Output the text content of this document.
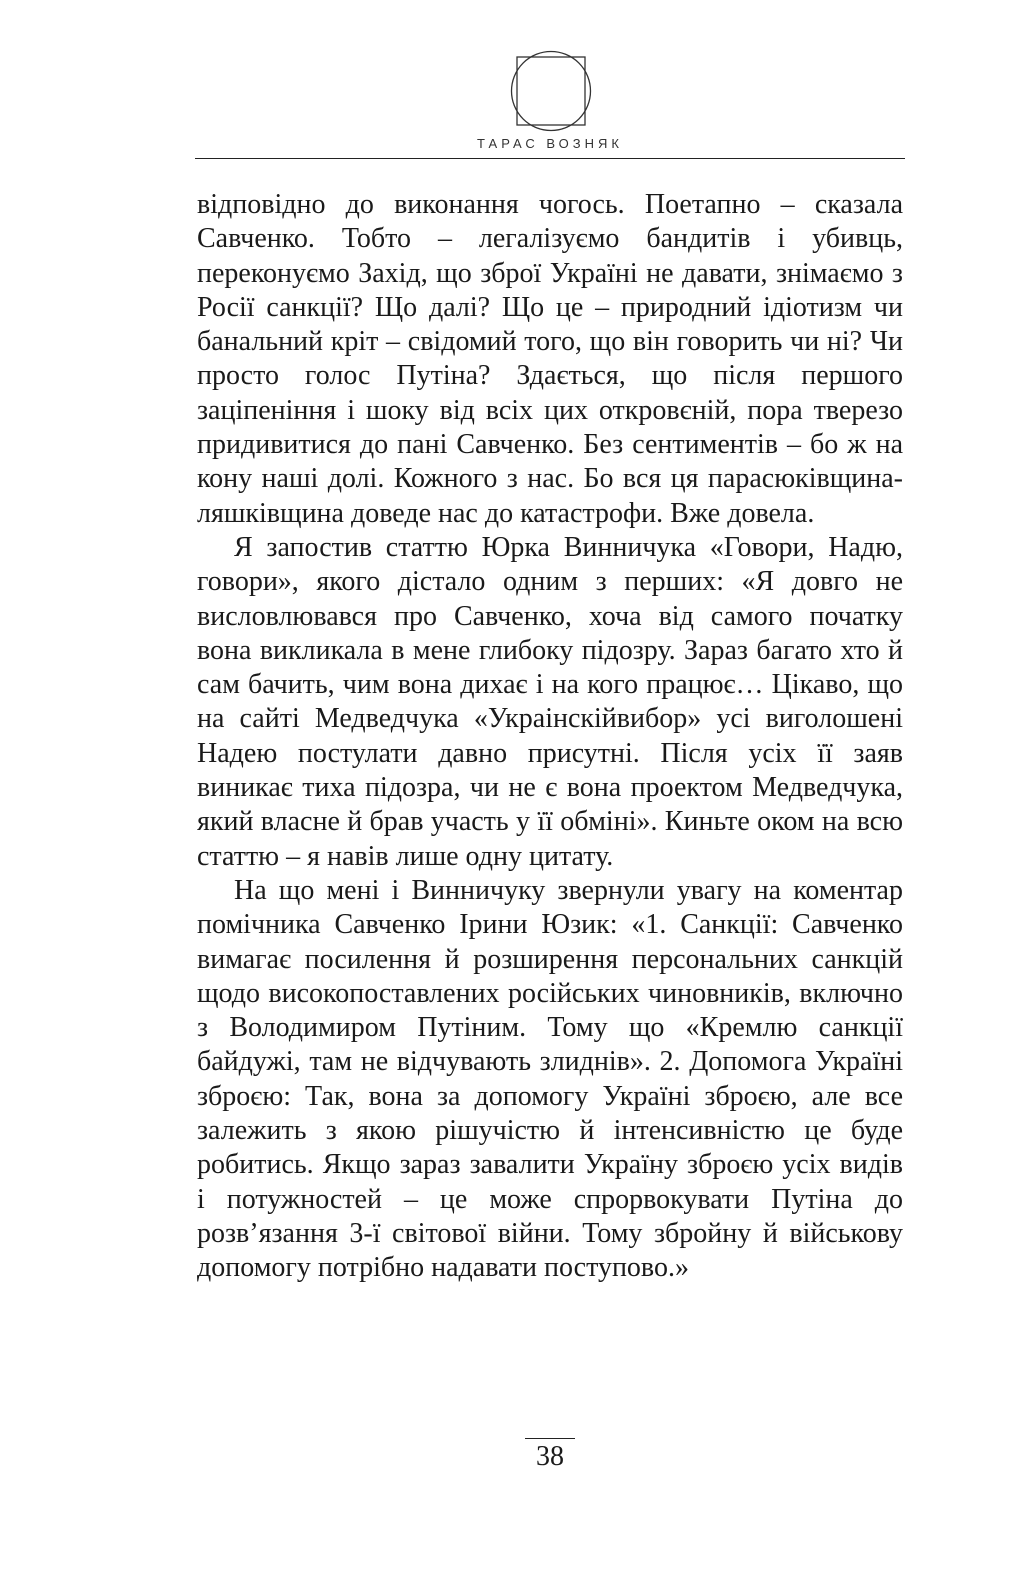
ТАРАС ВОЗНЯК

відповідно до виконання чогось. Поетапно – сказала Савченко. Тобто – легалізуємо бандитів і убивць, переконуємо Захід, що зброї Україні не давати, знімаємо з Росії санкції? Що далі? Що це – природний ідіотизм чи банальний кріт – свідомий того, що він говорить чи ні? Чи просто голос Путіна? Здається, що після першого заціпеніння і шоку від всіх цих откровєній, пора тверезо придивитися до пані Савченко. Без сентиментів – бо ж на кону наші долі. Кожного з нас. Бо вся ця парасюківщина-ляшківщина доведе нас до катастрофи. Вже довела.

Я запостив статтю Юрка Винничука «Говори, Надю, говори», якого дістало одним з перших: «Я довго не висловлювався про Савченко, хоча від самого початку вона викликала в мене глибоку підозру. Зараз багато хто й сам бачить, чим вона дихає і на кого працює… Цікаво, що на сайті Медведчука «Украінскійвибор» усі виголошені Надею постулати давно присутні. Після усіх її заяв виникає тиха підозра, чи не є вона проектом Медведчука, який власне й брав участь у її обміні». Киньте оком на всю статтю – я навів лише одну цитату.

На що мені і Винничуку звернули увагу на коментар помічника Савченко Ірини Юзик: «1. Санкції: Савченко вимагає посилення й розширення персональних санкцій щодо високопоставлених російських чиновників, включно з Володимиром Путіним. Тому що «Кремлю санкції байдужі, там не відчувають злиднів». 2. Допомога Україні зброєю: Так, вона за допомогу Україні зброєю, але все залежить з якою рішучістю й інтенсивністю це буде робитись. Якщо зараз завалити Україну зброєю усіх видів і потужностей – це може спрорвокувати Путіна до розв’язання 3-ї світової війни. Тому збройну й військову допомогу потрібно надавати поступово.»

38
